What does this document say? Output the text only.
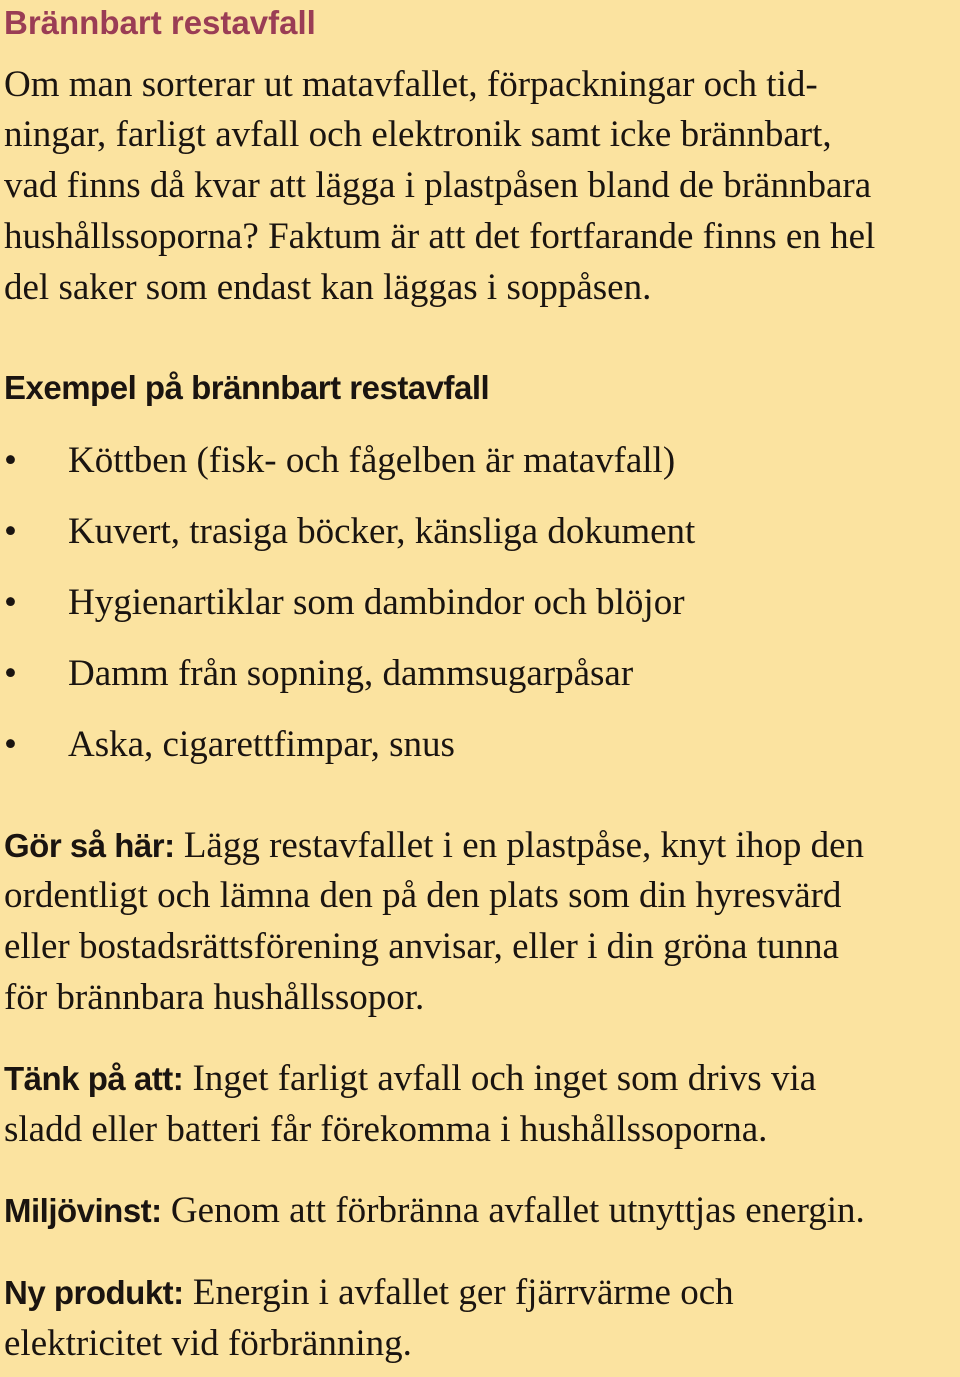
Brännbart restavfall
Om man sorterar ut matavfallet, förpackningar och tid-
ningar, farligt avfall och elektronik samt icke brännbart,
vad finns då kvar att lägga i plastpåsen bland de brännbara
hushållssoporna? Faktum är att det fortfarande finns en hel
del saker som endast kan läggas i soppåsen.
Exempel på brännbart restavfall
• Köttben (fisk- och fågelben är matavfall)
• Kuvert, trasiga böcker, känsliga dokument
• Hygienartiklar som dambindor och blöjor
• Damm från sopning, dammsugarpåsar
• Aska, cigarettfimpar, snus
Gör så här: Lägg restavfallet i en plastpåse, knyt ihop den
ordentligt och lämna den på den plats som din hyresvärd
eller bostadsrättsförening anvisar, eller i din gröna tunna
för brännbara hushållssopor.
Tänk på att: Inget farligt avfall och inget som drivs via
sladd eller batteri får förekomma i hushållssoporna.
Miljövinst: Genom att förbränna avfallet utnyttjas energin.
Ny produkt: Energin i avfallet ger fjärrvärme och
elektricitet vid förbränning.
